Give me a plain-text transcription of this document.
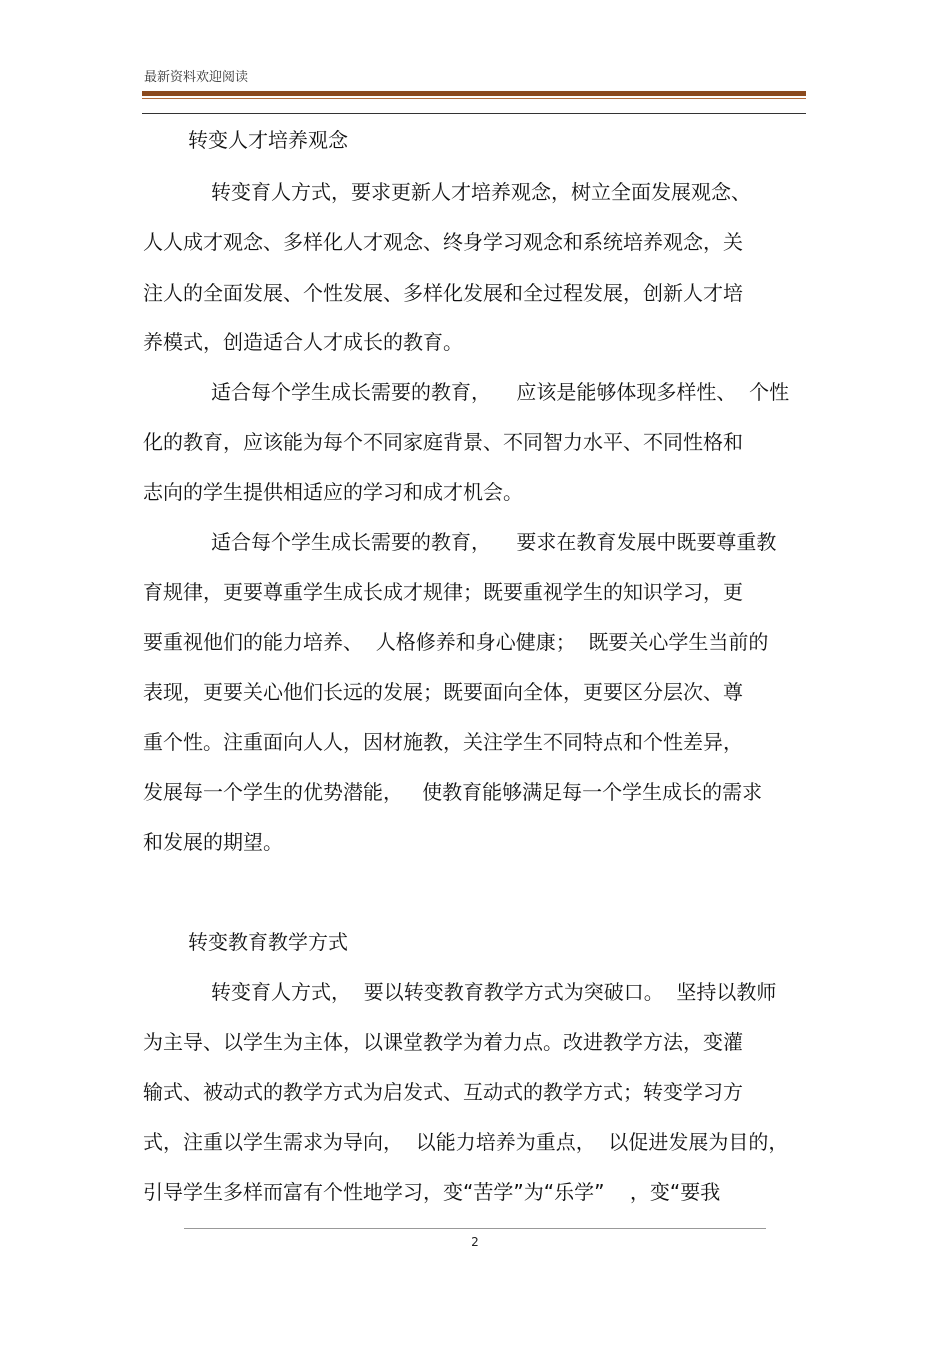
最新资料欢迎阅读
转变人才培养观念
转变育人方式，要求更新人才培养观念，树立全面发展观念、
人人成才观念、多样化人才观念、终身学习观念和系统培养观念，关
注人的全面发展、个性发展、多样化发展和全过程发展，创新人才培
养模式，创造适合人才成长的教育。
适合每个学生成长需要的教育，    应该是能够体现多样性、  个性
化的教育，应该能为每个不同家庭背景、不同智力水平、不同性格和
志向的学生提供相适应的学习和成才机会。
适合每个学生成长需要的教育，    要求在教育发展中既要尊重教
育规律，更要尊重学生成长成才规律；既要重视学生的知识学习，更
要重视他们的能力培养、  人格修养和身心健康；  既要关心学生当前的
表现，更要关心他们长远的发展；既要面向全体，更要区分层次、尊
重个性。注重面向人人，因材施教，关注学生不同特点和个性差异，
发展每一个学生的优势潜能，   使教育能够满足每一个学生成长的需求
和发展的期望。
转变教育教学方式
转变育人方式，  要以转变教育教学方式为突破口。  坚持以教师
为主导、以学生为主体，以课堂教学为着力点。改进教学方法，变灌
输式、被动式的教学方式为启发式、互动式的教学方式；转变学习方
式，注重以学生需求为导向，  以能力培养为重点，  以促进发展为目的，
引导学生多样而富有个性地学习，变“苦学”为“乐学”    ，变“要我
2
